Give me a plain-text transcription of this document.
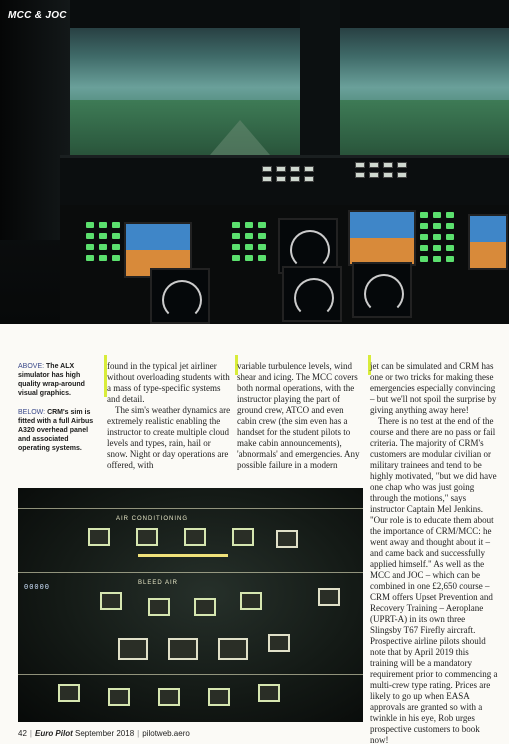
MCC & JOC
ABOVE: The ALX simulator has high quality wrap-around visual graphics.
BELOW: CRM's sim is fitted with a full Airbus A320 overhead panel and associated operating systems.

found in the typical jet airliner without overloading students with a mass of type-specific systems and detail.

The sim's weather dynamics are extremely realistic enabling the instructor to create multiple cloud levels and types, rain, hail or snow. Night or day operations are offered, with

variable turbulence levels, wind shear and icing. The MCC covers both normal operations, with the instructor playing the part of ground crew, ATCO and even cabin crew (the sim even has a handset for the student pilots to make cabin announcements), 'abnormals' and emergencies. Any possible failure in a modern

jet can be simulated and CRM has one or two tricks for making these emergencies especially convincing – but we'll not spoil the surprise by giving anything away here!

There is no test at the end of the course and there are no pass or fail criteria. The majority of CRM's customers are modular civilian or military trainees and tend to be highly motivated, "but we did have one chap who was just going through the motions," says instructor Captain Mel Jenkins. "Our role is to educate them about the importance of CRM/MCC: he went away and thought about it – and came back and successfully applied himself." As well as the MCC and JOC – which can be combined in one £2,650 course – CRM offers Upset Prevention and Recovery Training – Aeroplane (UPRT-A) in its own three Slingsby T67 Firefly aircraft. Prospective airline pilots should note that by April 2019 this training will be a mandatory requirement prior to commencing a multi-crew type rating. Prices are likely to go up when EASA approvals are granted so with a twinkle in his eye, Rob urges prospective customers to book now!

AIR CONDITIONING
BLEED AIR
00000
42 | Euro Pilot September 2018 | pilotweb.aero
